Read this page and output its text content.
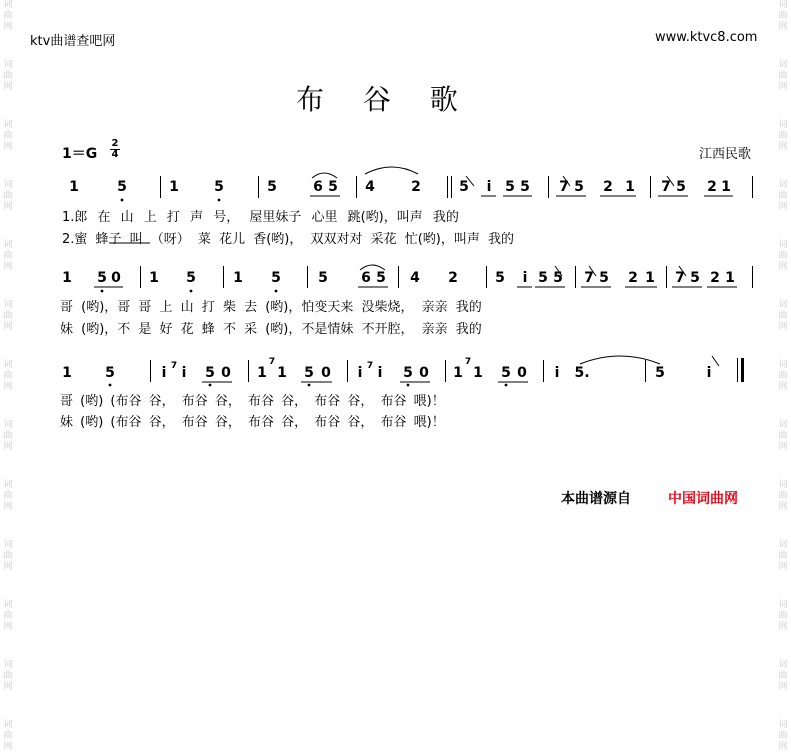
词
曲
网
词
曲
网
词
曲
网
词
曲
网
词
曲
网
词
曲
网
词
曲
网
词
曲
网
词
曲
网
词
曲
网
词
曲
网
词
曲
网
词
曲
网
词
曲
网
词
曲
网
词
曲
网
词
曲
网
词
曲
网
词
曲
网
词
曲
网
词
曲
网
词
曲
网
词
曲
网
词
曲
网
词
曲
网
词
曲
网
ktv曲谱查吧网	www.ktvc8.com
布 谷 歌
1＝G
2
4	江西民歌
1	5	1	5	5	6 5 4	2	5 i 5 5 7 5 2 1 7 5 2 1
1.郎 在 山 上 打 声 号， 屋里妹子 心里 跳(哟)，叫声 我的
2.蜜 蜂子 叫 （呀） 菜 花儿 香(哟)， 双双对对 采花 忙(哟)，叫声 我的
1 5 0 1 5	1 5	5 6 5 4 2	5 i 5 5 7 5 2 1 7 5 2 1
哥 (哟)，哥 哥 上 山 打 柴 去 (哟)，怕变天来 没柴烧， 亲亲 我的
妹 (哟)，不 是 好 花 蜂 不 采 (哟)，不是情妹 不开腔， 亲亲 我的
1 5	i 7 i 5 0 1
7
1 5 0 i 7 i 5 0 1
7
1 5 0 i 5.	5	i
哥 (哟) (布谷 谷， 布谷 谷， 布谷 谷， 布谷 谷， 布谷 喂)！
妹 (哟) (布谷 谷， 布谷 谷， 布谷 谷， 布谷 谷， 布谷 喂)！
本曲谱源自	中国词曲网
